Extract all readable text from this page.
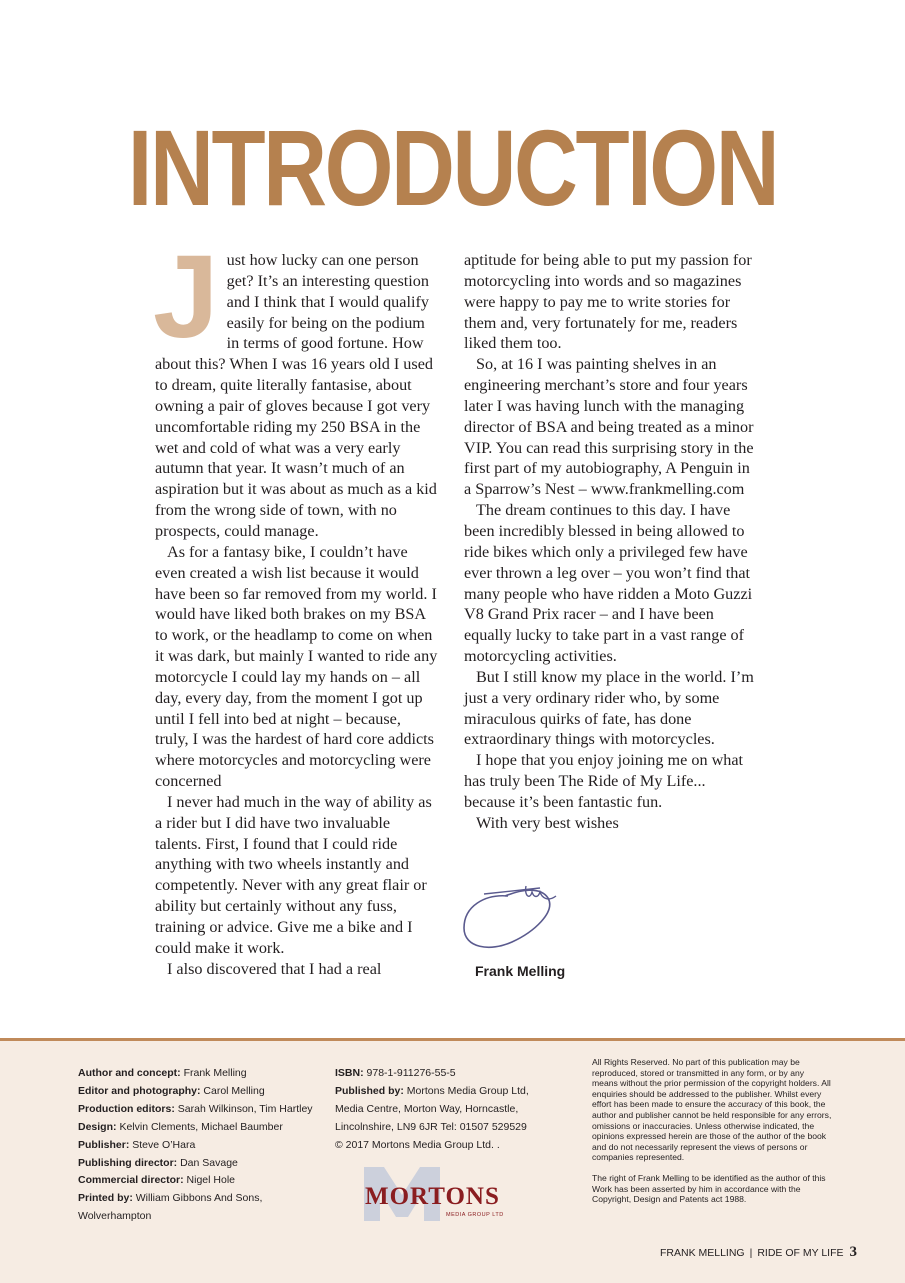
INTRODUCTION

Just how lucky can one person get? It’s an interesting question and I think that I would qualify easily for being on the podium in terms of good fortune. How about this? When I was 16 years old I used to dream, quite literally fantasise, about owning a pair of gloves because I got very uncomfortable riding my 250 BSA in the wet and cold of what was a very early autumn that year. It wasn’t much of an aspiration but it was about as much as a kid from the wrong side of town, with no prospects, could manage.

As for a fantasy bike, I couldn’t have even created a wish list because it would have been so far removed from my world. I would have liked both brakes on my BSA to work, or the headlamp to come on when it was dark, but mainly I wanted to ride any motorcycle I could lay my hands on – all day, every day, from the moment I got up until I fell into bed at night – because, truly, I was the hardest of hard core addicts where motorcycles and motorcycling were concerned

I never had much in the way of ability as a rider but I did have two invaluable talents. First, I found that I could ride anything with two wheels instantly and competently. Never with any great flair or ability but certainly without any fuss, training or advice. Give me a bike and I could make it work.

I also discovered that I had a real

aptitude for being able to put my passion for motorcycling into words and so magazines were happy to pay me to write stories for them and, very fortunately for me, readers liked them too.

So, at 16 I was painting shelves in an engineering merchant’s store and four years later I was having lunch with the managing director of BSA and being treated as a minor VIP. You can read this surprising story in the first part of my autobiography, A Penguin in a Sparrow’s Nest – www.frankmelling.com

The dream continues to this day. I have been incredibly blessed in being allowed to ride bikes which only a privileged few have ever thrown a leg over – you won’t find that many people who have ridden a Moto Guzzi V8 Grand Prix racer – and I have been equally lucky to take part in a vast range of motorcycling activities.

But I still know my place in the world. I’m just a very ordinary rider who, by some miraculous quirks of fate, has done extraordinary things with motorcycles.

I hope that you enjoy joining me on what has truly been The Ride of My Life... because it’s been fantastic fun.

With very best wishes

Frank Melling
Author and concept: Frank Melling
Editor and photography: Carol Melling
Production editors: Sarah Wilkinson, Tim Hartley
Design: Kelvin Clements, Michael Baumber
Publisher: Steve O’Hara
Publishing director: Dan Savage
Commercial director: Nigel Hole
Printed by: William Gibbons And Sons, Wolverhampton
ISBN: 978-1-911276-55-5
Published by: Mortons Media Group Ltd, Media Centre, Morton Way, Horncastle, Lincolnshire, LN9 6JR Tel: 01507 529529
© 2017 Mortons Media Group Ltd. .

All Rights Reserved. No part of this publication may be reproduced, stored or transmitted in any form, or by any means without the prior permission of the copyright holders. All enquiries should be addressed to the publisher. Whilst every effort has been made to ensure the accuracy of this book, the author and publisher cannot be held responsible for any errors, omissions or inaccuracies. Unless otherwise indicated, the opinions expressed herein are those of the author of the book and do not necessarily represent the views of persons or companies represented.

The right of Frank Melling to be identified as the author of this Work has been asserted by him in accordance with the Copyright, Design and Patents act 1988.

MORTONS
MEDIA GROUP LTD
FRANK MELLING | RIDE OF MY LIFE 3
